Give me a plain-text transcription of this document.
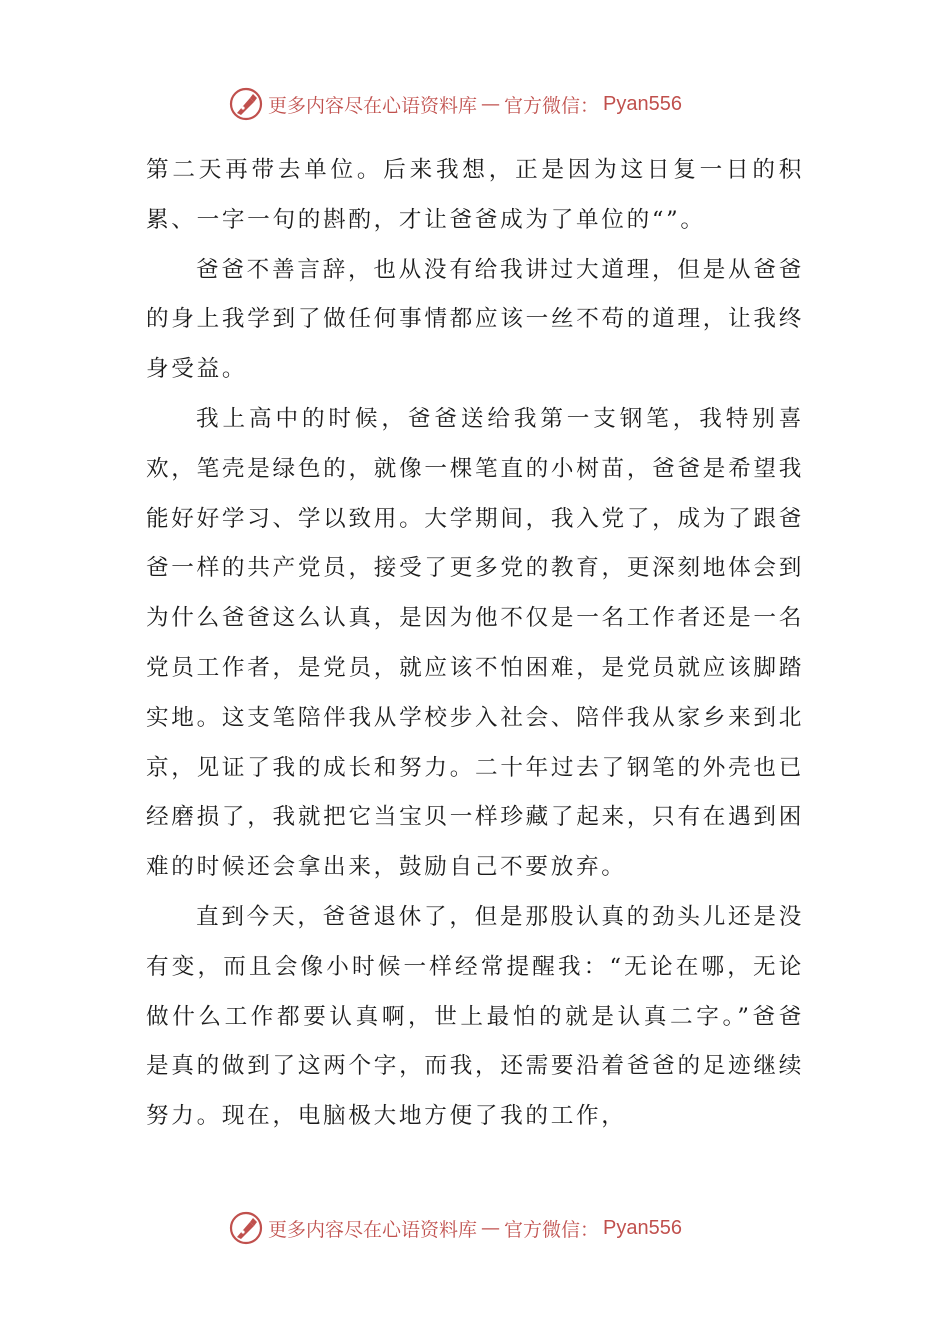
更多内容尽在心语资料库 — 官方微信： Pyan556

第二天再带去单位。后来我想，正是因为这日复一日的积累、一字一句的斟酌，才让爸爸成为了单位的“”。

爸爸不善言辞，也从没有给我讲过大道理，但是从爸爸的身上我学到了做任何事情都应该一丝不苟的道理，让我终身受益。

我上高中的时候，爸爸送给我第一支钢笔，我特别喜欢，笔壳是绿色的，就像一棵笔直的小树苗，爸爸是希望我能好好学习、学以致用。大学期间，我入党了，成为了跟爸爸一样的共产党员，接受了更多党的教育，更深刻地体会到为什么爸爸这么认真，是因为他不仅是一名工作者还是一名党员工作者，是党员，就应该不怕困难，是党员就应该脚踏实地。这支笔陪伴我从学校步入社会、陪伴我从家乡来到北京，见证了我的成长和努力。二十年过去了钢笔的外壳也已经磨损了，我就把它当宝贝一样珍藏了起来，只有在遇到困难的时候还会拿出来，鼓励自己不要放弃。

直到今天，爸爸退休了，但是那股认真的劲头儿还是没有变，而且会像小时候一样经常提醒我：“无论在哪，无论做什么工作都要认真啊，世上最怕的就是认真二字。”爸爸是真的做到了这两个字，而我，还需要沿着爸爸的足迹继续努力。现在，电脑极大地方便了我的工作，

更多内容尽在心语资料库 — 官方微信： Pyan556
